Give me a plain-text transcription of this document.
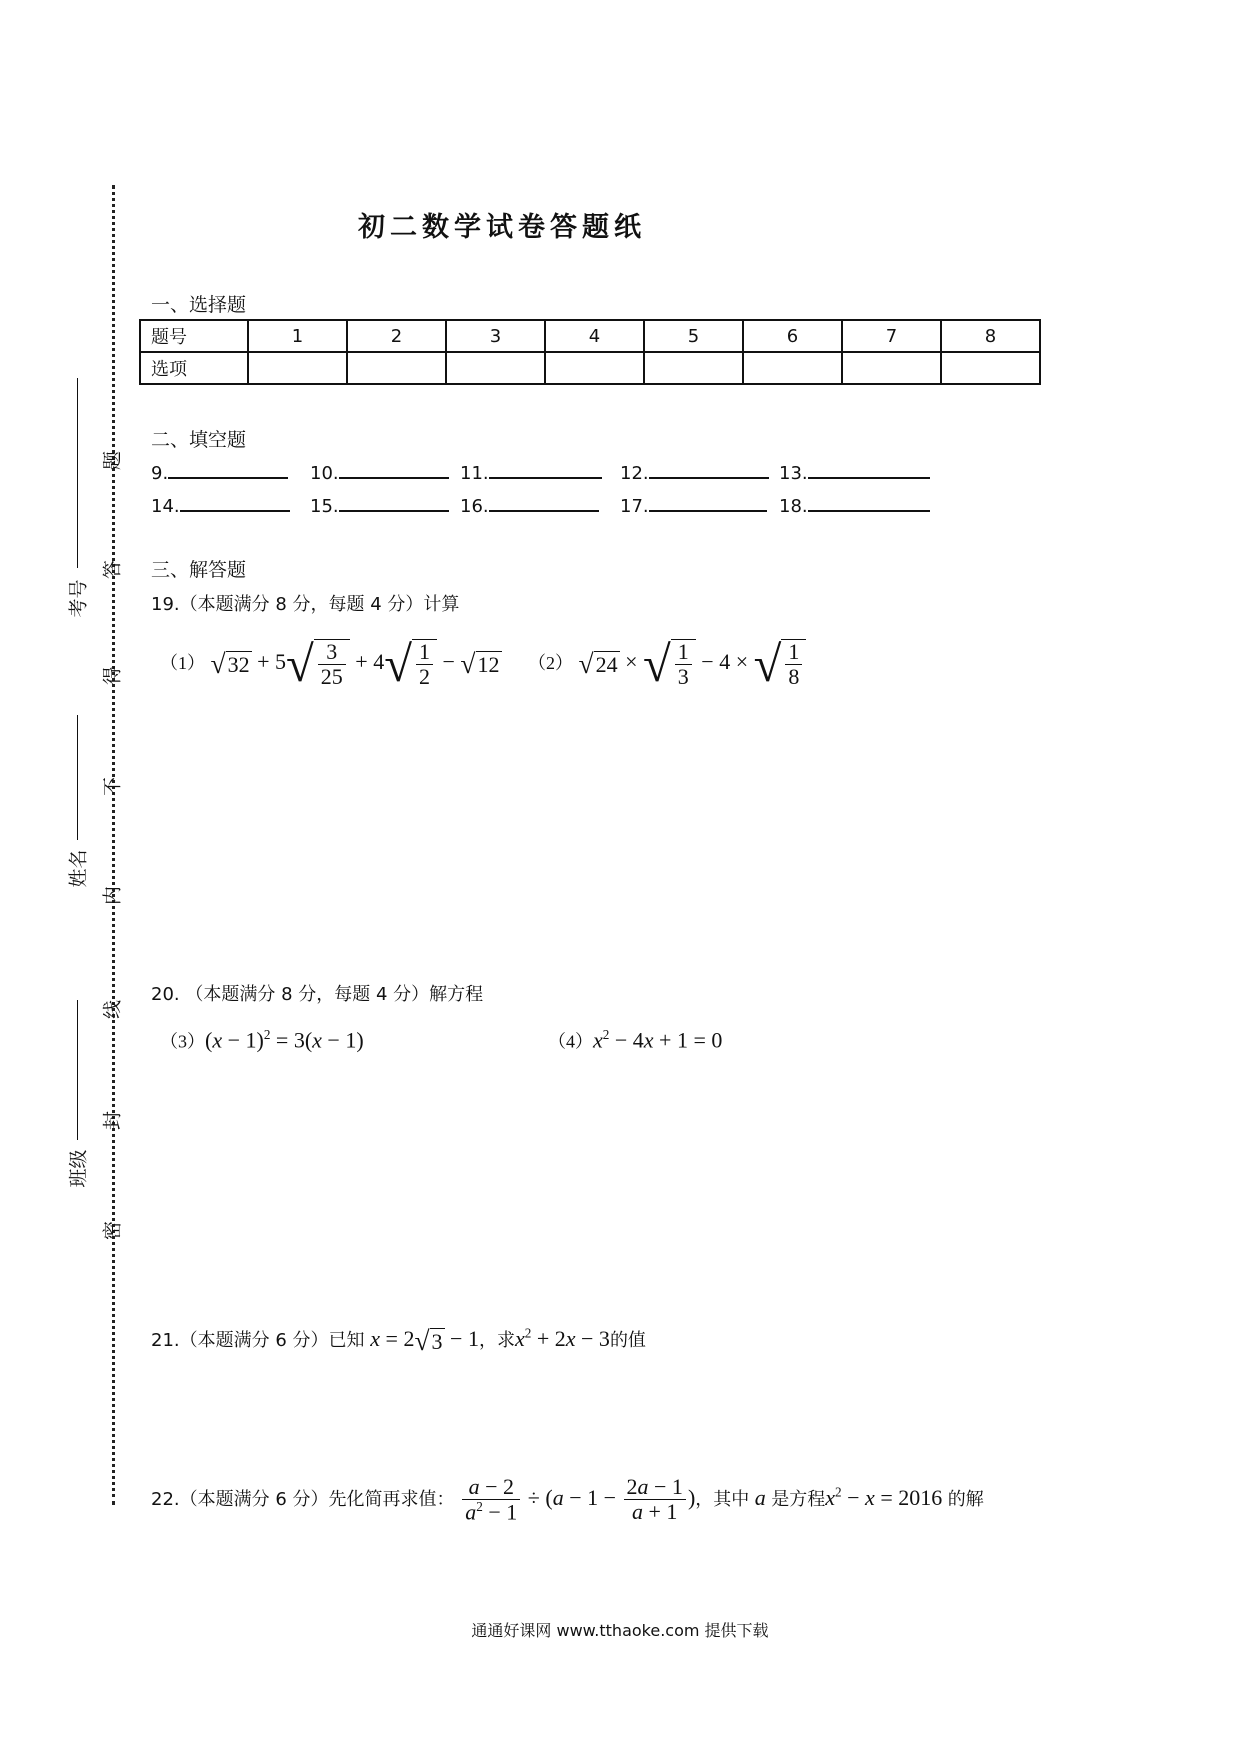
初二数学试卷答题纸
题
答
得
不
内
线
封
密
考号
姓名
班级
一、选择题
题号	1	2	3	4	5	6	7	8
选项								
二、填空题
9.	10.	11.	12.	13.
14.	15.	16.	17.	18.
三、解答题
19.（本题满分 8 分，每题 4 分）计算
（1） $√32 + 5√ \frac{3}{25} + 4√ \frac{1}{2} - √12$ （2） √24 × √ $\frac{1}{3} - 4$ × √ $\frac{1}{8}$
20. （本题满分 8 分，每题 4 分）解方程
$(3)(x - 1)^2 = 3(x - 1)$	$(4)x^2 - 4x + 1 = 0$
21.（本题满分 6 分）已知 x = 2√3 − 1，求$x^2 + 2x - 3$的值
22.（本题满分 6 分）先化简再求值： $\frac{a - 2}{a^2 - 1} \div (a - 1 - \frac{2a - 1}{a + 1}$ )，其中 a 是方程$x^2 - x = 2016$ 的解
通通好课网 www.tthaoke.com 提供下载
